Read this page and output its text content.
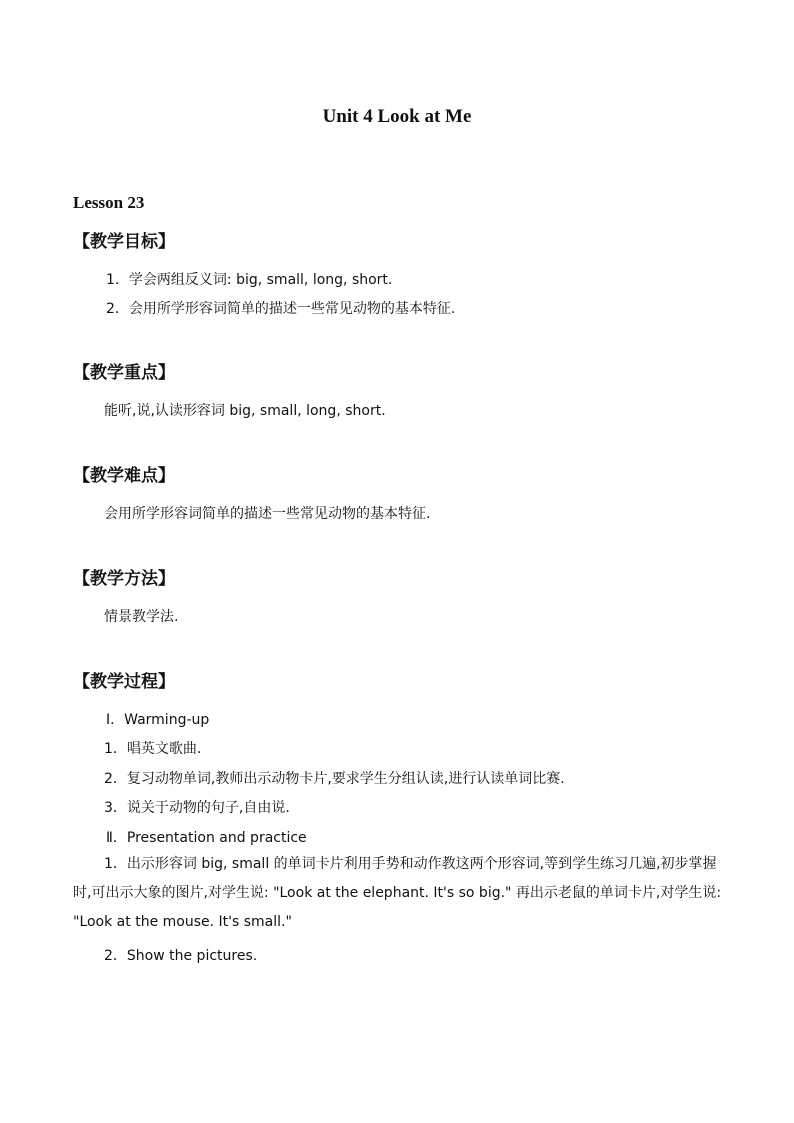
Unit 4 Look at Me
Lesson 23
【教学目标】
1．学会两组反义词: big, small, long, short.
2．会用所学形容词简单的描述一些常见动物的基本特征.
【教学重点】
能听,说,认读形容词 big, small, long, short.
【教学难点】
会用所学形容词简单的描述一些常见动物的基本特征.
【教学方法】
情景教学法.
【教学过程】
Ⅰ．Warming-up
1．唱英文歌曲.
2．复习动物单词,教师出示动物卡片,要求学生分组认读,进行认读单词比赛.
3．说关于动物的句子,自由说.
Ⅱ．Presentation and practice
1．出示形容词 big, small 的单词卡片利用手势和动作教这两个形容词,等到学生练习几遍,初步掌握时,可出示大象的图片,对学生说: "Look at the elephant. It's so big." 再出示老鼠的单词卡片,对学生说: "Look at the mouse. It's small."
2．Show the pictures.
